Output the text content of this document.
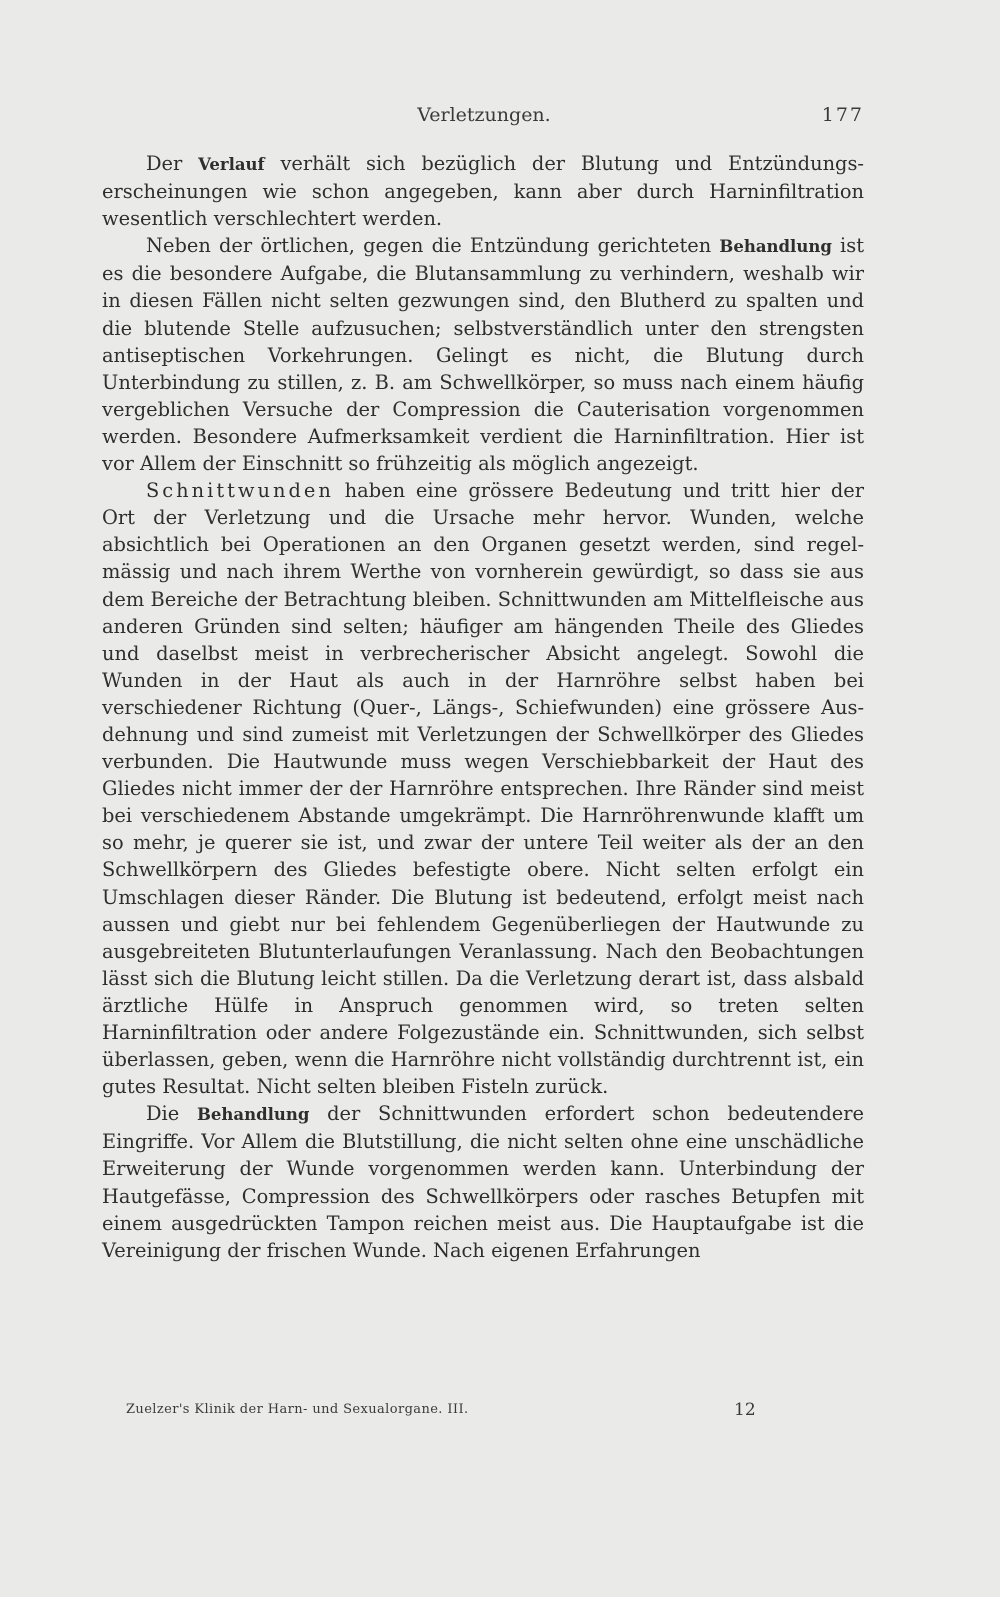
Verletzungen.	177

Der Verlauf verhält sich bezüglich der Blutung und Entzündungserscheinungen wie schon angegeben, kann aber durch Harninfiltration wesentlich verschlechtert werden.

Neben der örtlichen, gegen die Entzündung gerichteten Behandlung ist es die besondere Aufgabe, die Blutansammlung zu verhindern, weshalb wir in diesen Fällen nicht selten gezwungen sind, den Blutherd zu spalten und die blutende Stelle aufzusuchen; selbstverständlich unter den strengsten antiseptischen Vorkehrungen. Gelingt es nicht, die Blutung durch Unterbindung zu stillen, z. B. am Schwellkörper, so muss nach einem häufig vergeblichen Versuche der Compression die Cauterisation vorgenommen werden. Besondere Aufmerksamkeit verdient die Harninfiltration. Hier ist vor Allem der Einschnitt so frühzeitig als möglich angezeigt.

Schnittwunden haben eine grössere Bedeutung und tritt hier der Ort der Verletzung und die Ursache mehr hervor. Wunden, welche absichtlich bei Operationen an den Organen gesetzt werden, sind regelmässig und nach ihrem Werthe von vornherein gewürdigt, so dass sie aus dem Bereiche der Betrachtung bleiben. Schnittwunden am Mittelfleische aus anderen Gründen sind selten; häufiger am hängenden Theile des Gliedes und daselbst meist in verbrecherischer Absicht angelegt. Sowohl die Wunden in der Haut als auch in der Harnröhre selbst haben bei verschiedener Richtung (Quer-, Längs-, Schiefwunden) eine grössere Ausdehnung und sind zumeist mit Verletzungen der Schwellkörper des Gliedes verbunden. Die Hautwunde muss wegen Verschiebbarkeit der Haut des Gliedes nicht immer der der Harnröhre entsprechen. Ihre Ränder sind meist bei verschiedenem Abstande umgekrämpt. Die Harnröhrenwunde klafft um so mehr, je querer sie ist, und zwar der untere Teil weiter als der an den Schwellkörpern des Gliedes befestigte obere. Nicht selten erfolgt ein Umschlagen dieser Ränder. Die Blutung ist bedeutend, erfolgt meist nach aussen und giebt nur bei fehlendem Gegenüberliegen der Hautwunde zu ausgebreiteten Blutunterlaufungen Veranlassung. Nach den Beobachtungen lässt sich die Blutung leicht stillen. Da die Verletzung derart ist, dass alsbald ärztliche Hülfe in Anspruch genommen wird, so treten selten Harninfiltration oder andere Folgezustände ein. Schnittwunden, sich selbst überlassen, geben, wenn die Harnröhre nicht vollständig durchtrennt ist, ein gutes Resultat. Nicht selten bleiben Fisteln zurück.

Die Behandlung der Schnittwunden erfordert schon bedeutendere Eingriffe. Vor Allem die Blutstillung, die nicht selten ohne eine unschädliche Erweiterung der Wunde vorgenommen werden kann. Unterbindung der Hautgefässe, Compression des Schwellkörpers oder rasches Betupfen mit einem ausgedrückten Tampon reichen meist aus. Die Hauptaufgabe ist die Vereinigung der frischen Wunde. Nach eigenen Erfahrungen

Zuelzer's Klinik der Harn- und Sexualorgane. III.	12
